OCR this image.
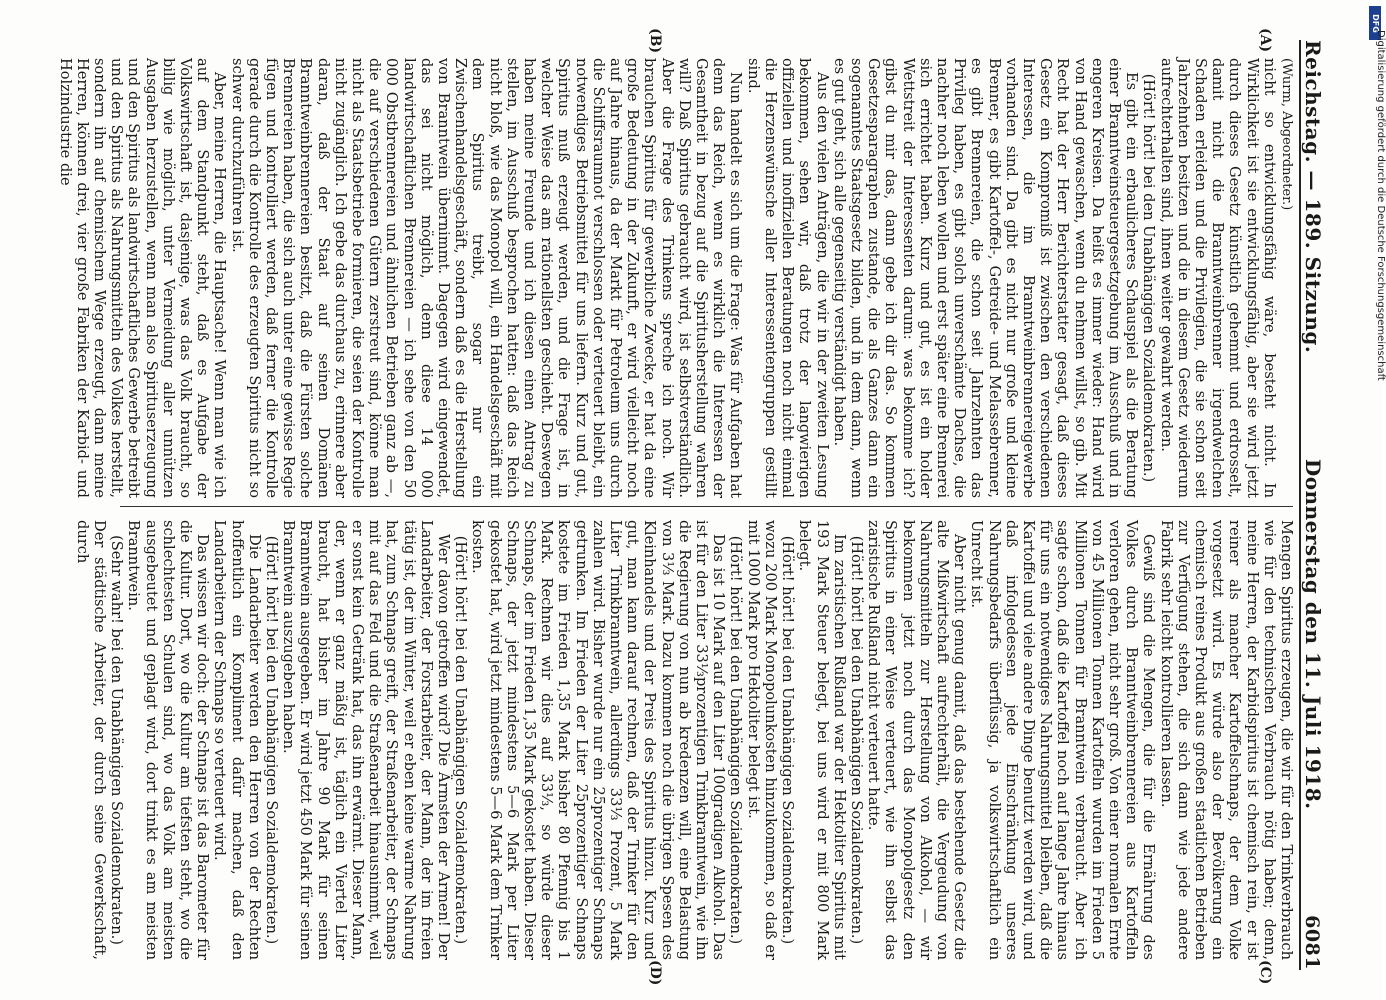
Reichstag. — 189. Sitzung.
Donnerstag den 11. Juli 1918.
6081
(A)
(B)
(C)
(D)

(Wurm, Abgeordneter.)

nicht so entwicklungsfähig wäre, besteht nicht. In Wirklichkeit ist sie entwicklungsfähig, aber sie wird jetzt durch dieses Gesetz künstlich gehemmt und erdrosselt, damit nicht die Branntweinbrenner irgendwelchen Schaden erleiden und die Privilegien, die sie schon seit Jahrzehnten besitzen und die in diesem Gesetz wiederum aufrechterhalten sind, ihnen weiter gewahrt werden.

(Hört! hört! bei den Unabhängigen Sozialdemokraten.)

Es gibt ein erbaulicheres Schauspiel als die Beratung einer Branntweinsteuergesetzgebung im Ausschuß und in engeren Kreisen. Da heißt es immer wieder: Hand wird von Hand gewaschen, wenn du nehmen willst, so gib. Mit Recht hat der Herr Berichterstatter gesagt, daß dieses Gesetz ein Kompromiß ist zwischen den verschiedenen Interessen, die im Branntweinbrennereigewerbe vorhanden sind. Da gibt es nicht nur große und kleine Brenner, es gibt Kartoffel-, Getreide- und Melassebrenner, es gibt Brennereien, die schon seit Jahrzehnten das Privileg haben, es gibt solch unverschämte Dachse, die nachher noch leben wollen und erst später eine Brennerei sich errichtet haben. Kurz und gut, es ist ein holder Wettstreit der Interessenten darum: was bekomme ich? gibst du mir das, dann gebe ich dir das. So kommen Gesetzesparagraphen zustande, die als Ganzes dann ein sogenanntes Staatsgesetz bilden, und in dem dann, wenn es gut geht, sich alle gegenseitig verständigt haben.

Aus den vielen Anträgen, die wir in der zweiten Lesung bekommen, sehen wir, daß trotz der langwierigen offiziellen und inoffiziellen Beratungen noch nicht einmal die Herzenswünsche aller Interessentengruppen gestillt sind.

Nun handelt es sich um die Frage: Was für Aufgaben hat denn das Reich, wenn es wirklich die Interessen der Gesamtheit in bezug auf die Spiritusherstellung wahren will? Daß Spiritus gebraucht wird, ist selbstverständlich. Aber die Frage des Trinkens spreche ich noch. Wir brauchen Spiritus für gewerbliche Zwecke, er hat da eine große Bedeutung in der Zukunft, er wird vielleicht noch auf Jahre hinaus, da der Markt für Petroleum uns durch die Schiffsraumnot verschlossen oder verteuert bleibt, ein notwendiges Betriebsmittel für uns liefern. Kurz und gut, Spiritus muß erzeugt werden, und die Frage ist, in welcher Weise das am rationellsten geschieht. Deswegen haben meine Freunde und ich diesen einen Antrag zu stellen, im Ausschuß besprochen hatten: daß das Reich nicht bloß, wie das Monopol will, ein Handelsgeschäft mit dem Spiritus treibt, sogar nur ein Zwischenhandelsgeschäft, sondern daß es die Herstellung von Branntwein übernimmt. Dagegen wird eingewendet, das sei nicht möglich, denn diese 14 000 landwirtschaftlichen Brennereien — ich sehe von den 50 000 Obstbrennereien und ähnlichen Betrieben ganz ab —, die auf verschiedenen Gütern zerstreut sind, könne man nicht als Staatsbetriebe formieren, die seien der Kontrolle nicht zugänglich. Ich gebe das durchaus zu, erinnere aber daran, daß der Staat auf seinen Domänen Branntweinbrennereien besitzt, daß die Fürsten solche Brennereien haben, die sich auch unter eine gewisse Regie fügen und kontrolliert werden, daß ferner die Kontrolle gerade durch die Kontrolle des erzeugten Spiritus nicht so schwer durchzuführen ist.

Aber, meine Herren, die Hauptsache! Wenn man wie ich auf dem Standpunkt steht, daß es Aufgabe der Volkswirtschaft ist, dasjenige, was das Volk braucht, so billig wie möglich, unter Vermeidung aller unnützen Ausgaben herzustellen, wenn man also Spirituserzeugung und den Spiritus als landwirtschaftliches Gewerbe betreibt und den Spiritus als Nahrungsmitteln des Volkes herstellt, sondern ihn auf chemischem Wege erzeugt, dann meine Herren, können drei, vier große Fabriken der Karbid- und Holzindustrie die

Mengen Spiritus erzeugen, die wir für den Trinkverbrauch wie für den technischen Verbrauch nötig haben; denn, meine Herren, der Karbidspiritus ist chemisch rein, er ist reiner als mancher Kartoffelschnaps, der dem Volke vorgesetzt wird. Es würde also der Bevölkerung ein chemisch reines Produkt aus großen staatlichen Betrieben zur Verfügung stehen, die sich dann wie jede andere Fabrik sehr leicht kontrollieren lassen.

Gewiß sind die Mengen, die für die Ernährung des Volkes durch Branntweinbrennereien aus Kartoffeln verloren gehen, nicht sehr groß. Von einer normalen Ernte von 45 Millionen Tonnen Kartoffeln wurden im Frieden 5 Millionen Tonnen für Branntwein verbraucht. Aber ich sagte schon, daß die Kartoffel noch auf lange Jahre hinaus für uns ein notwendiges Nahrungsmittel bleiben, daß die Kartoffel und viele andere Dinge benutzt werden wird, und daß infolgedessen jede Einschränkung unseres Nahrungsbedarfs überflüssig, ja volkswirtschaftlich ein Unrecht ist.

Aber nicht genug damit, daß das bestehende Gesetz die alte Mißwirtschaft aufrechterhält, die Vergeudung von Nahrungsmitteln zur Herstellung von Alkohol, — wir bekommen jetzt noch durch das Monopolgesetz den Spiritus in einer Weise verteuert, wie ihn selbst das zaristische Rußland nicht verteuert hatte.

(Hört! hört! bei den Unabhängigen Sozialdemokraten.)

Im zaristischen Rußland war der Hektoliter Spiritus mit 193 Mark Steuer belegt, bei uns wird er mit 800 Mark belegt.

(Hört! hört! bei den Unabhängigen Sozialdemokraten.)

wozu 200 Mark Monopolunkosten hinzukommen, so daß er mit 1000 Mark pro Hektoliter belegt ist.

(Hört! hört! bei den Unabhängigen Sozialdemokraten.)

Das ist 10 Mark auf den Liter 100gradigen Alkohol. Das ist für den Liter 33⅓prozentigen Trinkbranntwein, wie ihn die Regierung von nun ab kredenzen will, eine Belastung von 3⅓ Mark. Dazu kommen noch die übrigen Spesen des Kleinhandels und der Preis des Spiritus hinzu. Kurz und gut, man kann darauf rechnen, daß der Trinker für den Liter Trinkbranntwein, allerdings 33⅓ Prozent, 5 Mark zahlen wird. Bisher wurde nur ein 25prozentiger Schnaps getrunken. Im Frieden der Liter 25prozentiger Schnaps kostete im Frieden 1,35 Mark bisher 80 Pfennig bis 1 Mark. Rechnen wir dies auf 33⅓, so würde dieser Schnaps, der im Frieden 1,35 Mark gekostet haben. Dieser Schnaps, der jetzt mindestens 5—6 Mark per Liter gekostet hat, wird jetzt mindestens 5—6 Mark dem Trinker kosten.

(Hört! hört! bei den Unabhängigen Sozialdemokraten.)

Wer davon getroffen wird? Die Ärmsten der Armen! Der Landarbeiter, der Forstarbeiter, der Mann, der im freien tätig ist, der im Winter, weil er eben keine warme Nahrung hat, zum Schnaps greift, der Straßenarbeiter, der Schnaps mit auf das Feld und die Straßenarbeit hinausnimmt, weil er sonst kein Getränk hat, das ihn erwärmt. Dieser Mann, der, wenn er ganz mäßig ist, täglich ein Viertel Liter braucht, hat bisher im Jahre 90 Mark für seinen Branntwein ausgegeben. Er wird jetzt 450 Mark für seinen Branntwein auszugeben haben.

(Hört! hört! bei den Unabhängigen Sozialdemokraten.)

Die Landarbeiter werden den Herren von der Rechten hoffentlich ein Kompliment dafür machen, daß den Landarbeitern der Schnaps so verteuert wird.

Das wissen wir doch: der Schnaps ist das Barometer für die Kultur. Dort, wo die Kultur am tiefsten steht, wo die schlechtesten Schulen sind, wo das Volk am meisten ausgebeutet und geplagt wird, dort trinkt es am meisten Branntwein.

(Sehr wahr! bei den Unabhängigen Sozialdemokraten.)

Der städtische Arbeiter, der durch seine Gewerkschaft, durch

DFG
Digitalisierung gefördert durch die Deutsche Forschungsgemeinschaft
